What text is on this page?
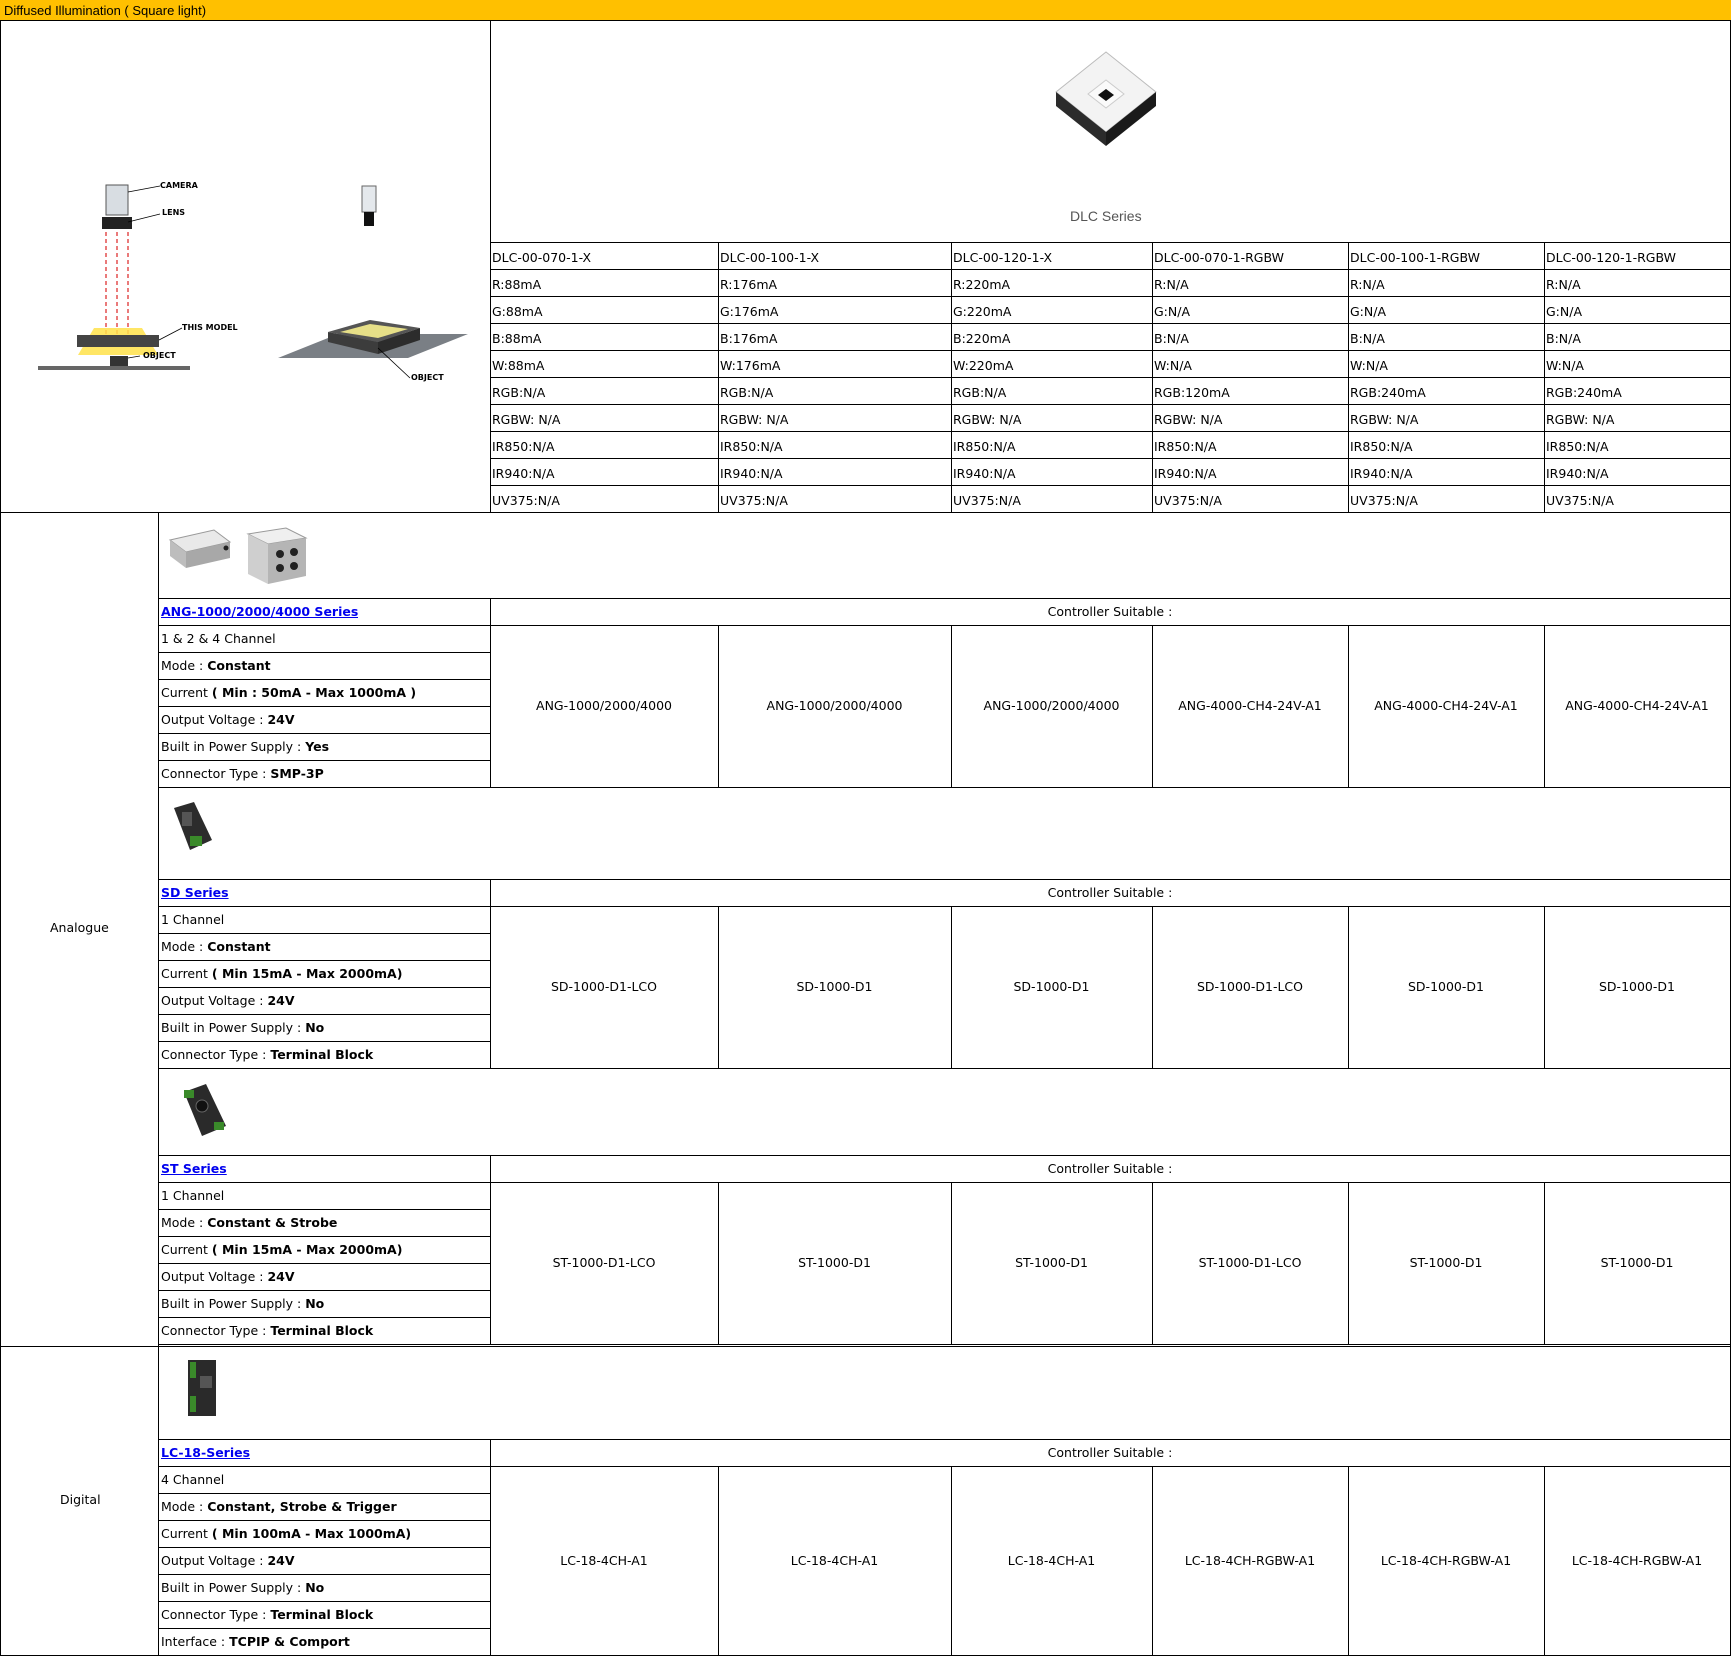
Diffused Illumination ( Square light)
CAMERA
LENS
THIS MODEL
OBJECT
OBJECT
DLC Series
DLC-00-070-1-X	DLC-00-100-1-X	DLC-00-120-1-X	DLC-00-070-1-RGBW	DLC-00-100-1-RGBW	DLC-00-120-1-RGBW
R:88mA	R:176mA	R:220mA	R:N/A	R:N/A	R:N/A
G:88mA	G:176mA	G:220mA	G:N/A	G:N/A	G:N/A
B:88mA	B:176mA	B:220mA	B:N/A	B:N/A	B:N/A
W:88mA	W:176mA	W:220mA	W:N/A	W:N/A	W:N/A
RGB:N/A	RGB:N/A	RGB:N/A	RGB:120mA	RGB:240mA	RGB:240mA
RGBW: N/A	RGBW: N/A	RGBW: N/A	RGBW: N/A	RGBW: N/A	RGBW: N/A
IR850:N/A	IR850:N/A	IR850:N/A	IR850:N/A	IR850:N/A	IR850:N/A
IR940:N/A	IR940:N/A	IR940:N/A	IR940:N/A	IR940:N/A	IR940:N/A
UV375:N/A	UV375:N/A	UV375:N/A	UV375:N/A	UV375:N/A	UV375:N/A
Analogue
Digital
ANG-1000/2000/4000 Series	Controller Suitable :
1 & 2 & 4 Channel
Mode : Constant
Current ( Min : 50mA - Max 1000mA )
Output Voltage : 24V
Built in Power Supply : Yes
Connector Type : SMP-3P
ANG-1000/2000/4000	ANG-1000/2000/4000	ANG-1000/2000/4000	ANG-4000-CH4-24V-A1	ANG-4000-CH4-24V-A1	ANG-4000-CH4-24V-A1
SD Series	Controller Suitable :
1 Channel
Mode : Constant
Current ( Min 15mA - Max 2000mA)
Output Voltage : 24V
Built in Power Supply : No
Connector Type : Terminal Block
SD-1000-D1-LCO	SD-1000-D1	SD-1000-D1	SD-1000-D1-LCO	SD-1000-D1	SD-1000-D1
ST Series	Controller Suitable :
1 Channel
Mode : Constant & Strobe
Current ( Min 15mA - Max 2000mA)
Output Voltage : 24V
Built in Power Supply : No
Connector Type : Terminal Block
ST-1000-D1-LCO	ST-1000-D1	ST-1000-D1	ST-1000-D1-LCO	ST-1000-D1	ST-1000-D1
LC-18-Series	Controller Suitable :
4 Channel
Mode : Constant, Strobe & Trigger
Current ( Min 100mA - Max 1000mA)
Output Voltage : 24V
Built in Power Supply : No
Connector Type : Terminal Block
Interface : TCPIP & Comport
LC-18-4CH-A1	LC-18-4CH-A1	LC-18-4CH-A1	LC-18-4CH-RGBW-A1	LC-18-4CH-RGBW-A1	LC-18-4CH-RGBW-A1
